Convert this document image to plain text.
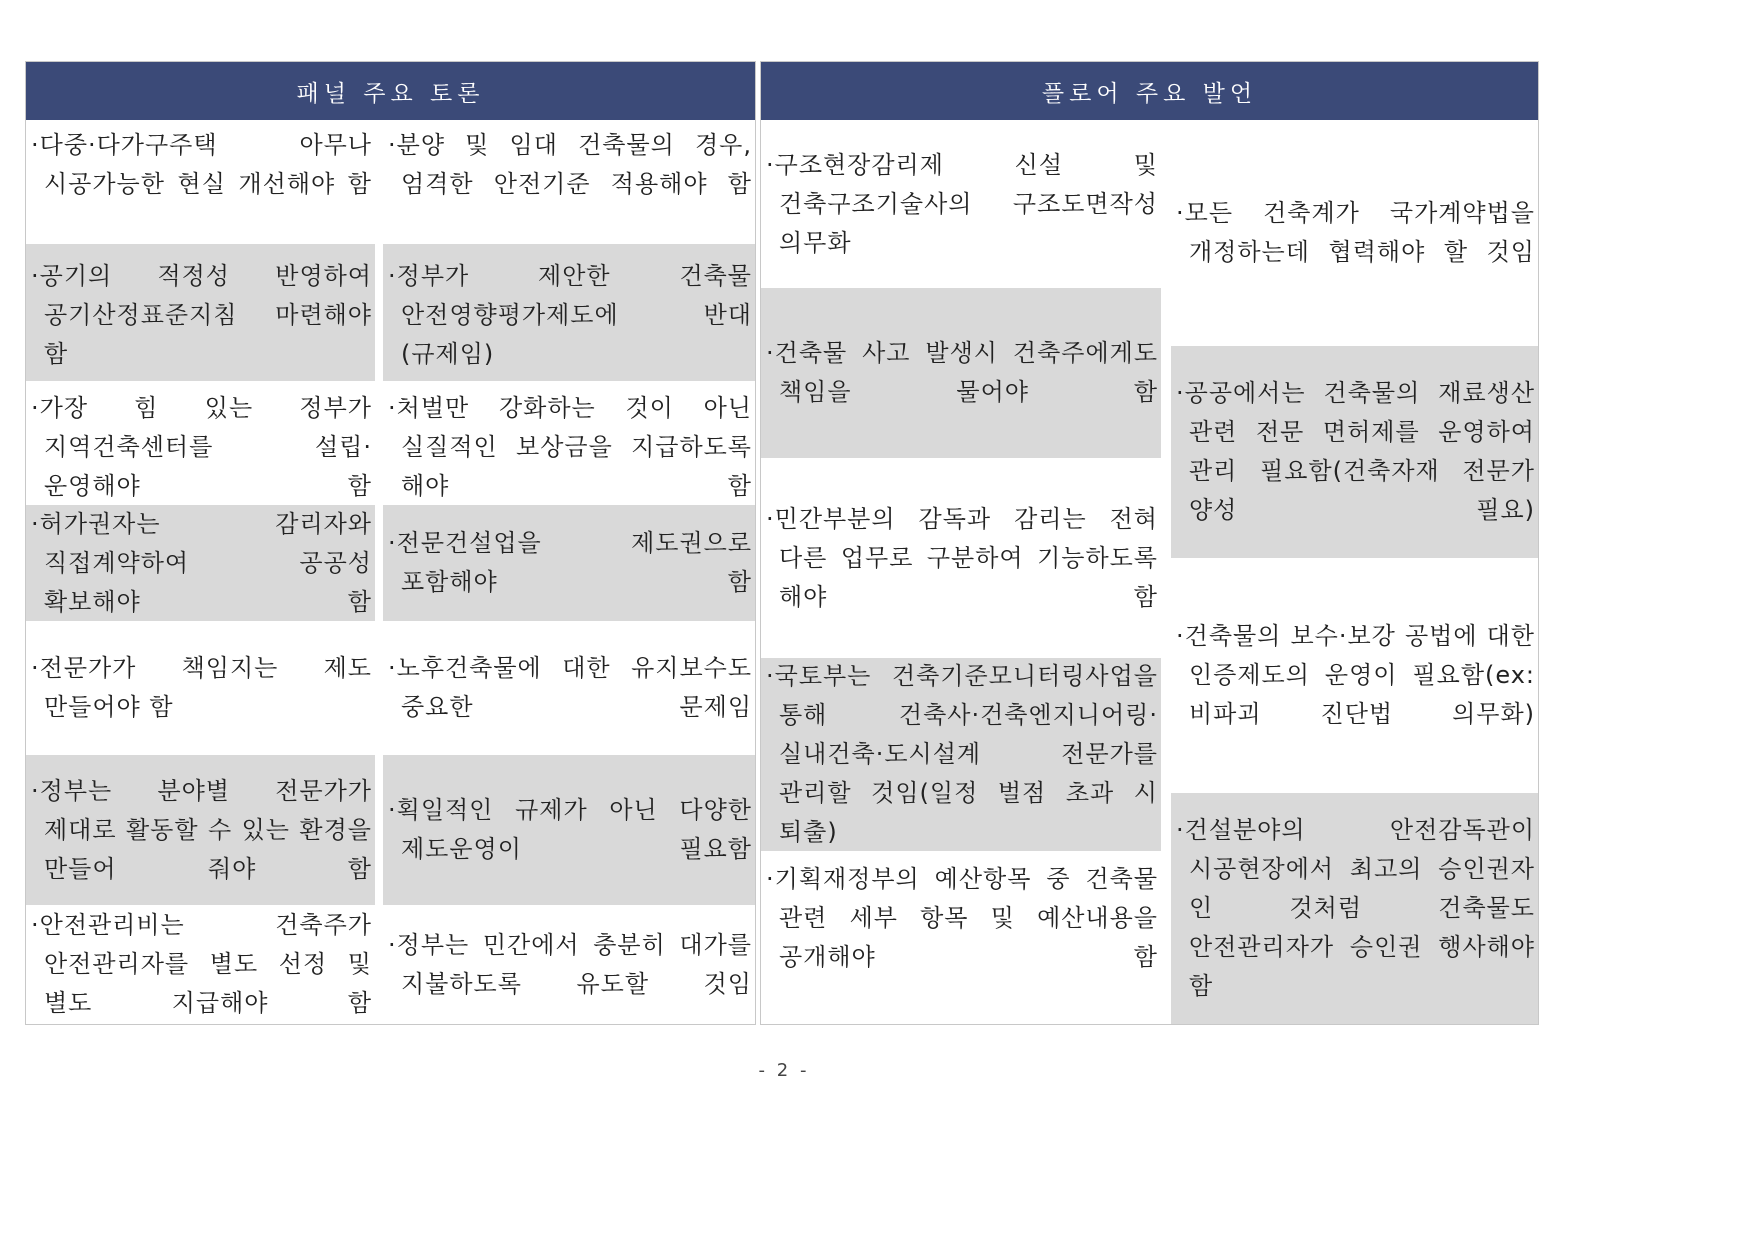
패널 주요 토론
·다중·다가구주택 아무나 시공가능한 현실 개선해야 함
·공기의 적정성 반영하여 공기산정표준지침 마련해야 함
·가장 힘 있는 정부가 지역건축센터를 설립·운영해야 함
·허가권자는 감리자와 직접계약하여 공공성 확보해야 함
·전문가가 책임지는 제도 만들어야 함
·정부는 분야별 전문가가 제대로 활동할 수 있는 환경을 만들어 줘야 함
·안전관리비는 건축주가 안전관리자를 별도 선정 및 별도 지급해야 함
·분양 및 임대 건축물의 경우, 엄격한 안전기준 적용해야 함
·정부가 제안한 건축물 안전영향평가제도에 반대(규제임)
·처벌만 강화하는 것이 아닌 실질적인 보상금을 지급하도록 해야 함
·전문건설업을 제도권으로 포함해야 함
·노후건축물에 대한 유지보수도 중요한 문제임
·획일적인 규제가 아닌 다양한 제도운영이 필요함
·정부는 민간에서 충분히 대가를 지불하도록 유도할 것임
플로어 주요 발언
·구조현장감리제 신설 및 건축구조기술사의 구조도면작성 의무화
·건축물 사고 발생시 건축주에게도 책임을 물어야 함
·민간부분의 감독과 감리는 전혀 다른 업무로 구분하여 기능하도록 해야 함
·국토부는 건축기준모니터링사업을 통해 건축사·건축엔지니어링·실내건축·도시설계 전문가를 관리할 것임(일정 벌점 초과 시 퇴출)
·기획재정부의 예산항목 중 건축물 관련 세부 항목 및 예산내용을 공개해야 함
·모든 건축계가 국가계약법을 개정하는데 협력해야 할 것임
·공공에서는 건축물의 재료생산 관련 전문 면허제를 운영하여 관리 필요함(건축자재 전문가 양성 필요)
·건축물의 보수·보강 공법에 대한 인증제도의 운영이 필요함(ex:비파괴 진단법 의무화)
·건설분야의 안전감독관이 시공현장에서 최고의 승인권자 인 것처럼 건축물도 안전관리자가 승인권 행사해야 함
- 2 -
